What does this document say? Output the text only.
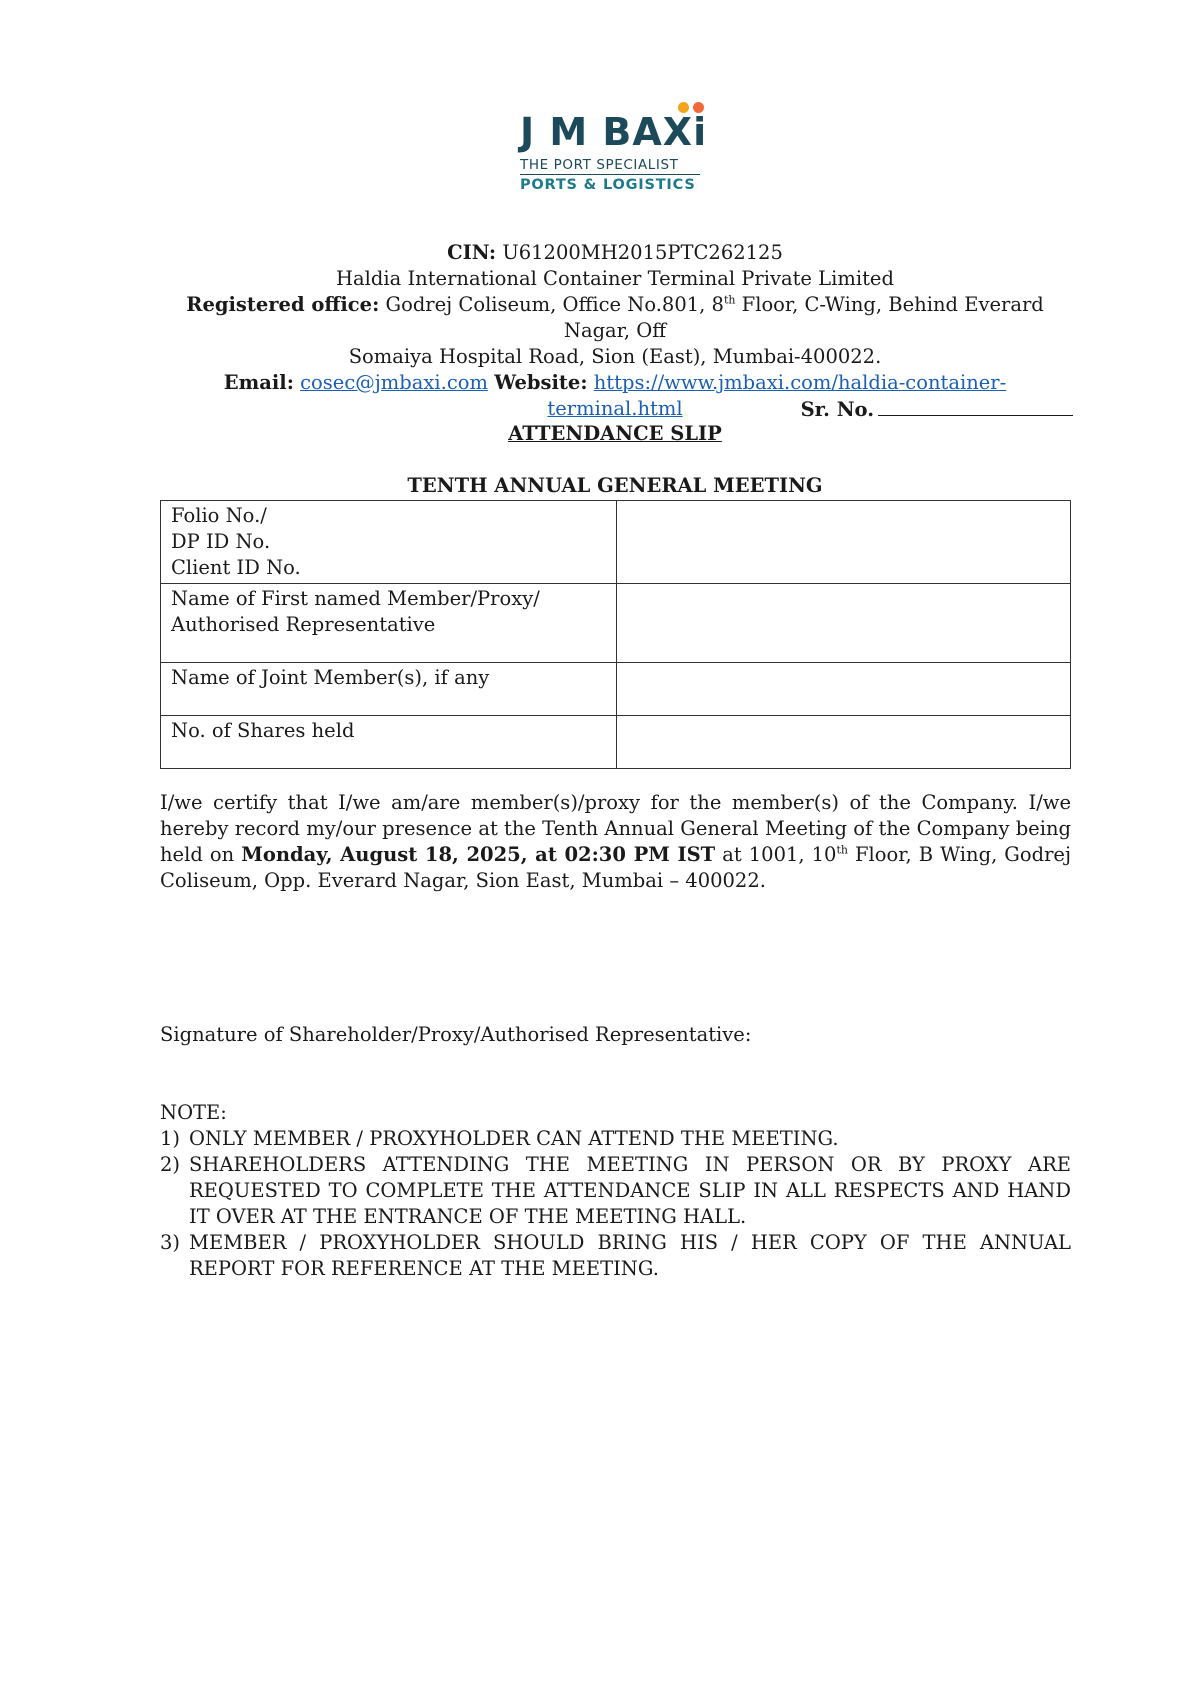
J M BAXi
THE PORT SPECIALIST
PORTS & LOGISTICS

CIN: U61200MH2015PTC262125

Haldia International Container Terminal Private Limited

Registered office: Godrej Coliseum, Office No.801, 8th Floor, C-Wing, Behind Everard Nagar, Off

Somaiya Hospital Road, Sion (East), Mumbai-400022.

Email: cosec@jmbaxi.com Website: https://www.jmbaxi.com/haldia-container-terminal.html	Sr. No.
ATTENDANCE SLIP
TENTH ANNUAL GENERAL MEETING
Folio No./
DP ID No.
Client ID No.	

Name of First named Member/Proxy/
Authorised Representative	

Name of Joint Member(s), if any	

No. of Shares held	

I/we certify that I/we am/are member(s)/proxy for the member(s) of the Company. I/we hereby record my/our presence at the Tenth Annual General Meeting of the Company being held on Monday, August 18, 2025, at 02:30 PM IST at 1001, 10th Floor, B Wing, Godrej Coliseum, Opp. Everard Nagar, Sion East, Mumbai – 400022.

Signature of Shareholder/Proxy/Authorised Representative:

NOTE:

1) ONLY MEMBER / PROXYHOLDER CAN ATTEND THE MEETING.
2) SHAREHOLDERS ATTENDING THE MEETING IN PERSON OR BY PROXY ARE REQUESTED TO COMPLETE THE ATTENDANCE SLIP IN ALL RESPECTS AND HAND IT OVER AT THE ENTRANCE OF THE MEETING HALL.
3) MEMBER / PROXYHOLDER SHOULD BRING HIS / HER COPY OF THE ANNUAL REPORT FOR REFERENCE AT THE MEETING.
